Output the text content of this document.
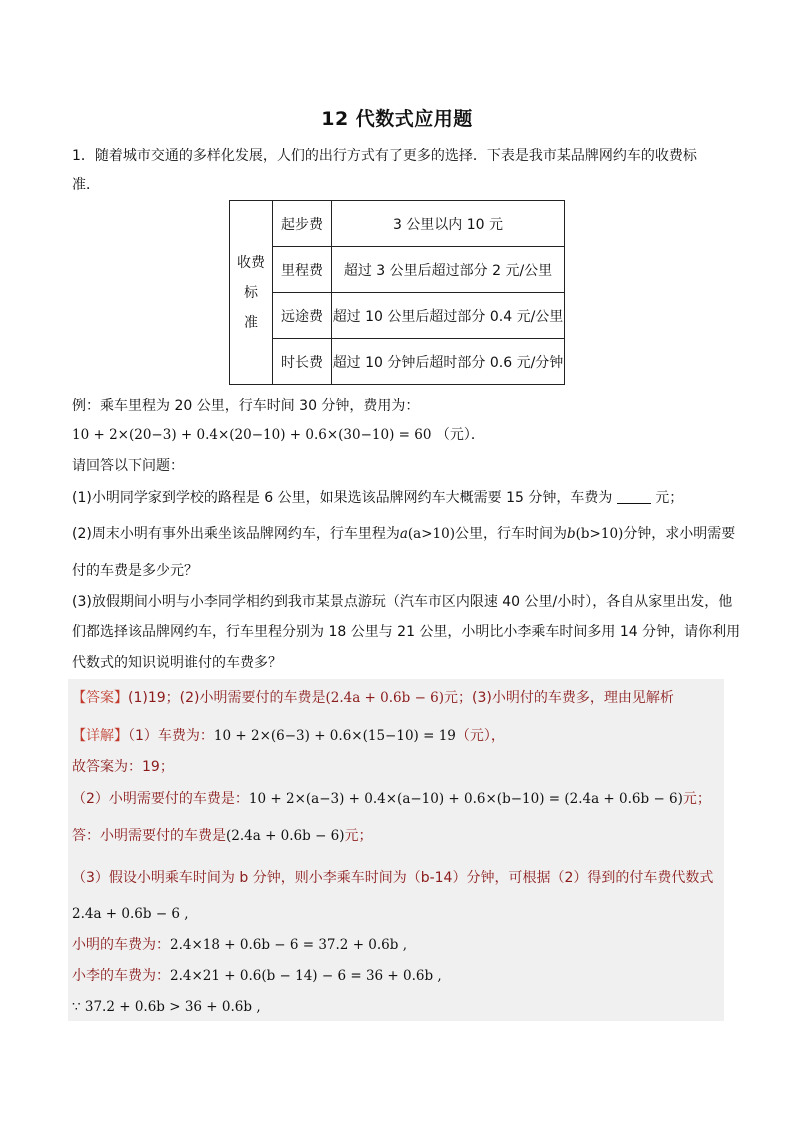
12 代数式应用题
1．随着城市交通的多样化发展，人们的出行方式有了更多的选择．下表是我市某品牌网约车的收费标
准．
收费
标
准	起步费	3 公里以内 10 元
	里程费	超过 3 公里后超过部分 2 元/公里
	远途费	超过 10 公里后超过部分 0.4 元/公里
	时长费	超过 10 分钟后超时部分 0.6 元/分钟
例：乘车里程为 20 公里，行车时间 30 分钟，费用为：
10 + 2×(20−3) + 0.4×(20−10) + 0.6×(30−10) = 60 （元）．
请回答以下问题：
(1)小明同学家到学校的路程是 6 公里，如果选该品牌网约车大概需要 15 分钟，车费为	元；
(2)周末小明有事外出乘坐该品牌网约车，行车里程为a(a>10)公里，行车时间为b(b>10)分钟，求小明需要
付的车费是多少元？
(3)放假期间小明与小李同学相约到我市某景点游玩（汽车市区内限速 40 公里/小时），各自从家里出发，他
们都选择该品牌网约车，行车里程分别为 18 公里与 21 公里，小明比小李乘车时间多用 14 分钟，请你利用
代数式的知识说明谁付的车费多？
【答案】(1)19；(2)小明需要付的车费是(2.4a + 0.6b − 6)元；(3)小明付的车费多，理由见解析
【详解】（1）车费为：10 + 2×(6−3) + 0.6×(15−10) = 19（元），
故答案为：19；
（2）小明需要付的车费是：10 + 2×(a−3) + 0.4×(a−10) + 0.6×(b−10) = (2.4a + 0.6b − 6)元；
答：小明需要付的车费是(2.4a + 0.6b − 6)元；
（3）假设小明乘车时间为 b 分钟，则小李乘车时间为（b-14）分钟，可根据（2）得到的付车费代数式
2.4a + 0.6b − 6 ,
小明的车费为：2.4×18 + 0.6b − 6 = 37.2 + 0.6b ,
小李的车费为：2.4×21 + 0.6(b − 14) − 6 = 36 + 0.6b ,
∵ 37.2 + 0.6b > 36 + 0.6b ,
